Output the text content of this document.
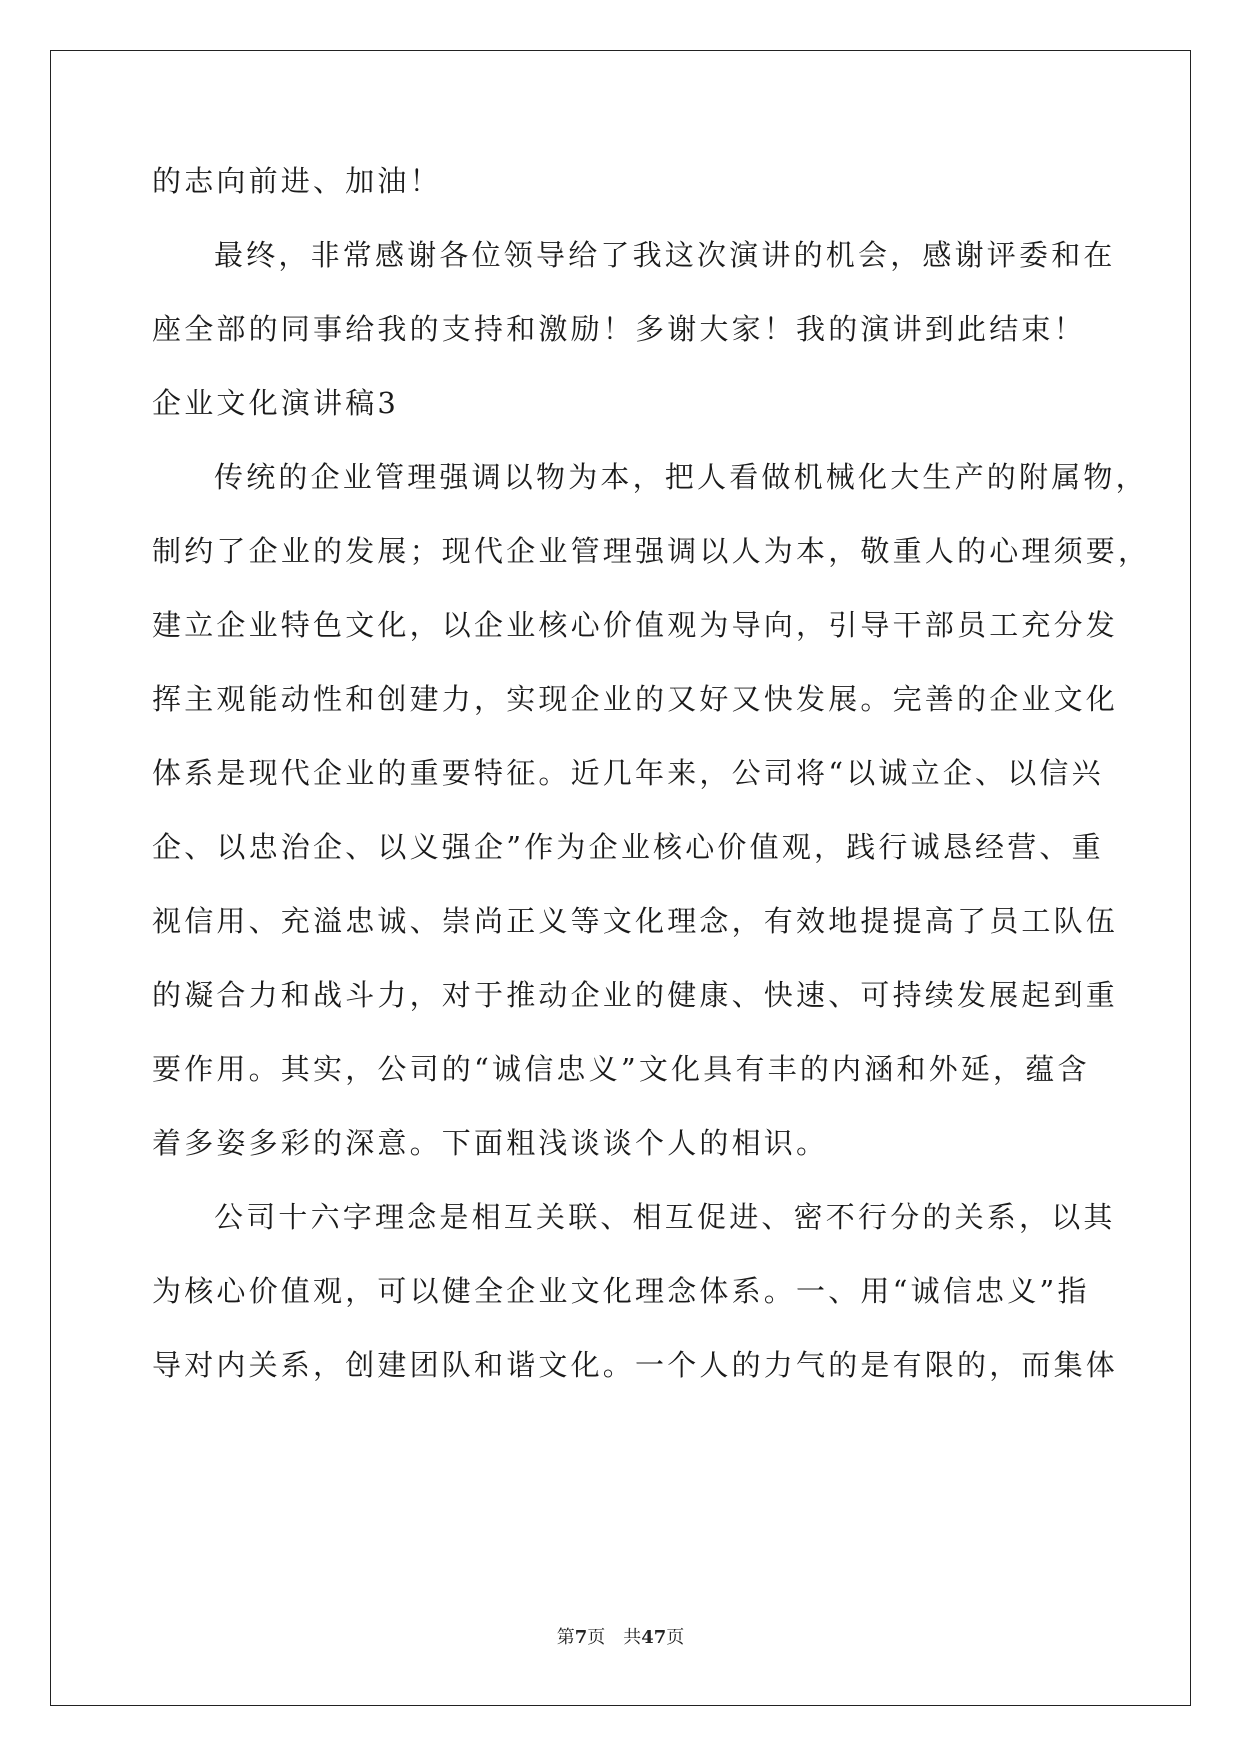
的志向前进、加油！
最终，非常感谢各位领导给了我这次演讲的机会，感谢评委和在
座全部的同事给我的支持和激励！多谢大家！我的演讲到此结束！
企业文化演讲稿3
传统的企业管理强调以物为本，把人看做机械化大生产的附属物，
制约了企业的发展；现代企业管理强调以人为本，敬重人的心理须要，
建立企业特色文化，以企业核心价值观为导向，引导干部员工充分发
挥主观能动性和创建力，实现企业的又好又快发展。完善的企业文化
体系是现代企业的重要特征。近几年来，公司将“以诚立企、以信兴
企、以忠治企、以义强企”作为企业核心价值观，践行诚恳经营、重
视信用、充溢忠诚、崇尚正义等文化理念，有效地提提高了员工队伍
的凝合力和战斗力，对于推动企业的健康、快速、可持续发展起到重
要作用。其实，公司的“诚信忠义”文化具有丰的内涵和外延，蕴含
着多姿多彩的深意。下面粗浅谈谈个人的相识。
公司十六字理念是相互关联、相互促进、密不行分的关系，以其
为核心价值观，可以健全企业文化理念体系。一、用“诚信忠义”指
导对内关系，创建团队和谐文化。一个人的力气的是有限的，而集体
第7页　共47页
